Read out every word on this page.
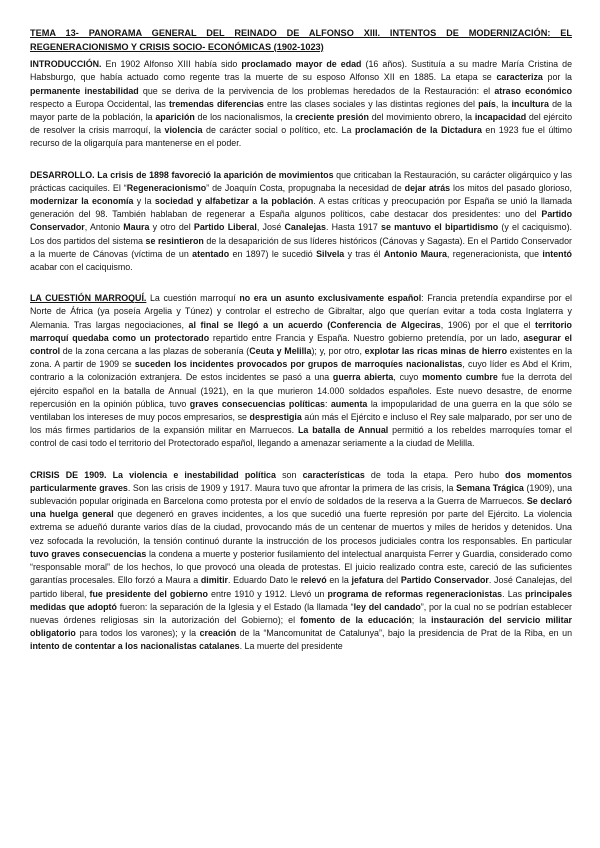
TEMA 13- PANORAMA GENERAL DEL REINADO DE ALFONSO XIII. INTENTOS DE MODERNIZACIÓN: EL REGENERACIONISMO Y CRISIS SOCIO- ECONÓMICAS (1902-1023)

INTRODUCCIÓN. En 1902 Alfonso XIII había sido proclamado mayor de edad (16 años). Sustituía a su madre María Cristina de Habsburgo, que había actuado como regente tras la muerte de su esposo Alfonso XII en 1885. La etapa se caracteriza por la permanente inestabilidad que se deriva de la pervivencia de los problemas heredados de la Restauración: el atraso económico respecto a Europa Occidental, las tremendas diferencias entre las clases sociales y las distintas regiones del país, la incultura de la mayor parte de la población, la aparición de los nacionalismos, la creciente presión del movimiento obrero, la incapacidad del ejército de resolver la crisis marroquí, la violencia de carácter social o político, etc. La proclamación de la Dictadura en 1923 fue el último recurso de la oligarquía para mantenerse en el poder.

DESARROLLO. La crisis de 1898 favoreció la aparición de movimientos que criticaban la Restauración, su carácter oligárquico y las prácticas caciquiles. El “Regeneracionismo” de Joaquín Costa, propugnaba la necesidad de dejar atrás los mitos del pasado glorioso, modernizar la economía y la sociedad y alfabetizar a la población. A estas críticas y preocupación por España se unió la llamada generación del 98. También hablaban de regenerar a España algunos políticos, cabe destacar dos presidentes: uno del Partido Conservador, Antonio Maura y otro del Partido Liberal, José Canalejas. Hasta 1917 se mantuvo el bipartidismo (y el caciquismo). Los dos partidos del sistema se resintieron de la desaparición de sus líderes históricos (Cánovas y Sagasta). En el Partido Conservador a la muerte de Cánovas (víctima de un atentado en 1897) le sucedió Silvela y tras él Antonio Maura, regeneracionista, que intentó acabar con el caciquismo.

LA CUESTIÓN MARROQUÍ. La cuestión marroquí no era un asunto exclusivamente español: Francia pretendía expandirse por el Norte de África (ya poseía Argelia y Túnez) y controlar el estrecho de Gibraltar, algo que querían evitar a toda costa Inglaterra y Alemania. Tras largas negociaciones, al final se llegó a un acuerdo (Conferencia de Algeciras, 1906) por el que el territorio marroquí quedaba como un protectorado repartido entre Francia y España. Nuestro gobierno pretendía, por un lado, asegurar el control de la zona cercana a las plazas de soberanía (Ceuta y Melilla); y, por otro, explotar las ricas minas de hierro existentes en la zona. A partir de 1909 se suceden los incidentes provocados por grupos de marroquíes nacionalistas, cuyo líder es Abd el Krim, contrario a la colonización extranjera. De estos incidentes se pasó a una guerra abierta, cuyo momento cumbre fue la derrota del ejército español en la batalla de Annual (1921), en la que murieron 14.000 soldados españoles. Este nuevo desastre, de enorme repercusión en la opinión pública, tuvo graves consecuencias políticas: aumenta la impopularidad de una guerra en la que sólo se ventilaban los intereses de muy pocos empresarios, se desprestigia aún más el Ejército e incluso el Rey sale malparado, por ser uno de los más firmes partidarios de la expansión militar en Marruecos. La batalla de Annual permitió a los rebeldes marroquíes tomar el control de casi todo el territorio del Protectorado español, llegando a amenazar seriamente a la ciudad de Melilla.

CRISIS DE 1909. La violencia e inestabilidad política son características de toda la etapa. Pero hubo dos momentos particularmente graves. Son las crisis de 1909 y 1917. Maura tuvo que afrontar la primera de las crisis, la Semana Trágica (1909), una sublevación popular originada en Barcelona como protesta por el envío de soldados de la reserva a la Guerra de Marruecos. Se declaró una huelga general que degeneró en graves incidentes, a los que sucedió una fuerte represión por parte del Ejército. La violencia extrema se adueñó durante varios días de la ciudad, provocando más de un centenar de muertos y miles de heridos y detenidos. Una vez sofocada la revolución, la tensión continuó durante la instrucción de los procesos judiciales contra los responsables. En particular tuvo graves consecuencias la condena a muerte y posterior fusilamiento del intelectual anarquista Ferrer y Guardia, considerado como “responsable moral” de los hechos, lo que provocó una oleada de protestas. El juicio realizado contra este, careció de las suficientes garantías procesales. Ello forzó a Maura a dimitir. Eduardo Dato le relevó en la jefatura del Partido Conservador. José Canalejas, del partido liberal, fue presidente del gobierno entre 1910 y 1912. Llevó un programa de reformas regeneracionistas. Las principales medidas que adoptó fueron: la separación de la Iglesia y el Estado (la llamada “ley del candado”, por la cual no se podrían establecer nuevas órdenes religiosas sin la autorización del Gobierno); el fomento de la educación; la instauración del servicio militar obligatorio para todos los varones); y la creación de la “Mancomunitat de Catalunya”, bajo la presidencia de Prat de la Riba, en un intento de contentar a los nacionalistas catalanes. La muerte del presidente
